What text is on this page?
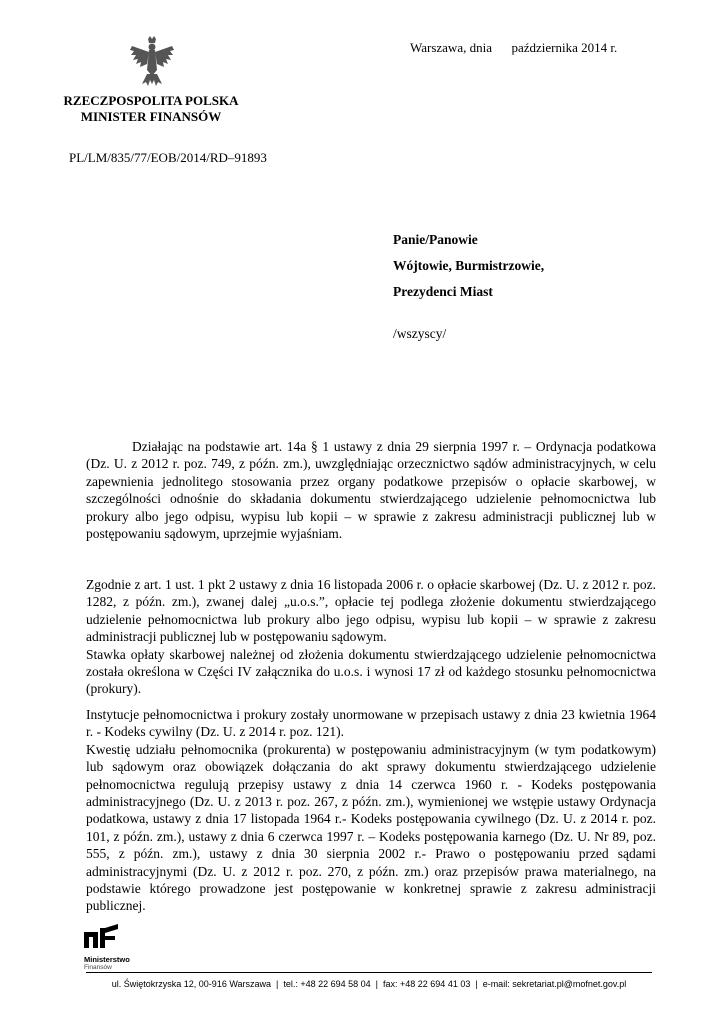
RZECZPOSPOLITA POLSKA
MINISTER FINANSÓW
PL/LM/835/77/EOB/2014/RD–91893
Warszawa, dnia      października 2014 r.
Panie/Panowie
Wójtowie, Burmistrzowie,
Prezydenci Miast
/wszyscy/

Działając na podstawie art. 14a § 1 ustawy z dnia 29 sierpnia 1997 r. – Ordynacja podatkowa (Dz. U. z 2012 r. poz. 749, z późn. zm.), uwzględniając orzecznictwo sądów administracyjnych, w celu zapewnienia jednolitego stosowania przez organy podatkowe przepisów o opłacie skarbowej, w szczególności odnośnie do składania dokumentu stwierdzającego udzielenie pełnomocnictwa lub prokury albo jego odpisu, wypisu lub kopii – w sprawie z zakresu administracji publicznej lub w postępowaniu sądowym, uprzejmie wyjaśniam.

Zgodnie z art. 1 ust. 1 pkt 2 ustawy z dnia 16 listopada 2006 r. o opłacie skarbowej (Dz. U. z 2012 r. poz. 1282, z późn. zm.), zwanej dalej „u.o.s.”, opłacie tej podlega złożenie dokumentu stwierdzającego udzielenie pełnomocnictwa lub prokury albo jego odpisu, wypisu lub kopii – w sprawie z zakresu administracji publicznej lub w postępowaniu sądowym.

Stawka opłaty skarbowej należnej od złożenia dokumentu stwierdzającego udzielenie pełnomocnictwa została określona w Części IV załącznika do u.o.s. i wynosi 17 zł od każdego stosunku pełnomocnictwa (prokury).

Instytucje pełnomocnictwa i prokury zostały unormowane w przepisach ustawy z dnia 23 kwietnia 1964 r. - Kodeks cywilny (Dz. U. z 2014 r. poz. 121).

Kwestię udziału pełnomocnika (prokurenta) w postępowaniu administracyjnym (w tym podatkowym) lub sądowym oraz obowiązek dołączania do akt sprawy dokumentu stwierdzającego udzielenie pełnomocnictwa regulują przepisy ustawy z dnia 14 czerwca 1960 r. - Kodeks postępowania administracyjnego (Dz. U. z 2013 r. poz. 267, z późn. zm.), wymienionej we wstępie ustawy Ordynacja podatkowa, ustawy z dnia 17 listopada 1964 r.- Kodeks postępowania cywilnego (Dz. U. z 2014 r. poz. 101, z późn. zm.), ustawy z dnia 6 czerwca 1997 r. – Kodeks postępowania karnego (Dz. U. Nr 89, poz. 555, z późn. zm.), ustawy z dnia 30 sierpnia 2002 r.- Prawo o postępowaniu przed sądami administracyjnymi (Dz. U. z 2012 r. poz. 270, z późn. zm.) oraz przepisów prawa materialnego, na podstawie którego prowadzone jest postępowanie w konkretnej sprawie z zakresu administracji publicznej.

Ministerstwo
Finansów
ul. Świętokrzyska 12, 00-916 Warszawa | tel.: +48 22 694 58 04 | fax: +48 22 694 41 03 | e-mail: sekretariat.pl@mofnet.gov.pl
